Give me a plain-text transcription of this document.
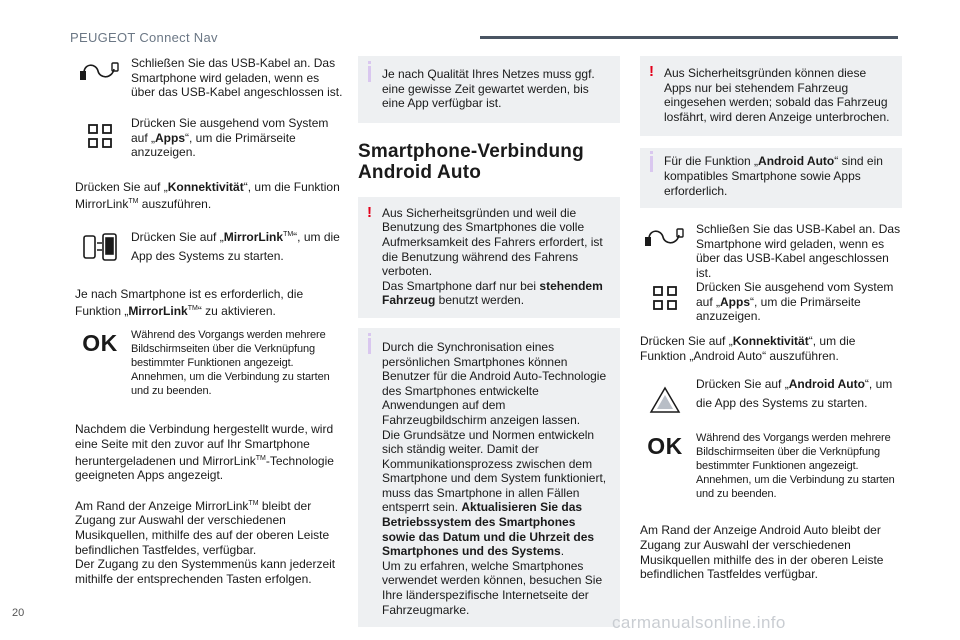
PEUGEOT Connect Nav

Schließen Sie das USB-Kabel an. Das Smartphone wird geladen, wenn es über das USB-Kabel angeschlossen ist.

Drücken Sie ausgehend vom System auf „Apps“, um die Primärseite anzuzeigen.

Drücken Sie auf „Konnektivität“, um die Funktion MirrorLink™ auszuführen.

Drücken Sie auf „MirrorLink™“, um die App des Systems zu starten.

Je nach Smartphone ist es erforderlich, die Funktion „MirrorLink™“ zu aktivieren.

OK Während des Vorgangs werden mehrere Bildschirmseiten über die Verknüpfung bestimmter Funktionen angezeigt. Annehmen, um die Verbindung zu starten und zu beenden.

Nachdem die Verbindung hergestellt wurde, wird eine Seite mit den zuvor auf Ihr Smartphone heruntergeladenen und MirrorLink™-Technologie geeigneten Apps angezeigt.

Am Rand der Anzeige MirrorLink™ bleibt der Zugang zur Auswahl der verschiedenen Musikquellen, mithilfe des auf der oberen Leiste befindlichen Tastfeldes, verfügbar.

Der Zugang zu den Systemmenüs kann jederzeit mithilfe der entsprechenden Tasten erfolgen.

Je nach Qualität Ihres Netzes muss ggf. eine gewisse Zeit gewartet werden, bis eine App verfügbar ist.

Smartphone-Verbindung
Android Auto
! Aus Sicherheitsgründen und weil die Benutzung des Smartphones die volle Aufmerksamkeit des Fahrers erfordert, ist die Benutzung während des Fahrens verboten.

Das Smartphone darf nur bei stehendem Fahrzeug benutzt werden.

Durch die Synchronisation eines persönlichen Smartphones können Benutzer für die Android Auto-Technologie des Smartphones entwickelte Anwendungen auf dem Fahrzeugbildschirm anzeigen lassen.

Die Grundsätze und Normen entwickeln sich ständig weiter. Damit der Kommunikationsprozess zwischen dem Smartphone und dem System funktioniert, muss das Smartphone in allen Fällen entsperrt sein. Aktualisieren Sie das Betriebssystem des Smartphones sowie das Datum und die Uhrzeit des Smartphones und des Systems.

Um zu erfahren, welche Smartphones verwendet werden können, besuchen Sie Ihre länderspezifische Internetseite der Fahrzeugmarke.

! Aus Sicherheitsgründen können diese Apps nur bei stehendem Fahrzeug eingesehen werden; sobald das Fahrzeug losfährt, wird deren Anzeige unterbrochen.

Für die Funktion „Android Auto“ sind ein kompatibles Smartphone sowie Apps erforderlich.

Schließen Sie das USB-Kabel an. Das Smartphone wird geladen, wenn es über das USB-Kabel angeschlossen ist.

Drücken Sie ausgehend vom System auf „Apps“, um die Primärseite anzuzeigen.

Drücken Sie auf „Konnektivität“, um die Funktion „Android Auto“ auszuführen.

Drücken Sie auf „Android Auto“, um die App des Systems zu starten.

OK Während des Vorgangs werden mehrere Bildschirmseiten über die Verknüpfung bestimmter Funktionen angezeigt. Annehmen, um die Verbindung zu starten und zu beenden.

Am Rand der Anzeige Android Auto bleibt der Zugang zur Auswahl der verschiedenen Musikquellen mithilfe des in der oberen Leiste befindlichen Tastfeldes verfügbar.

20	carmanualsonline.info
